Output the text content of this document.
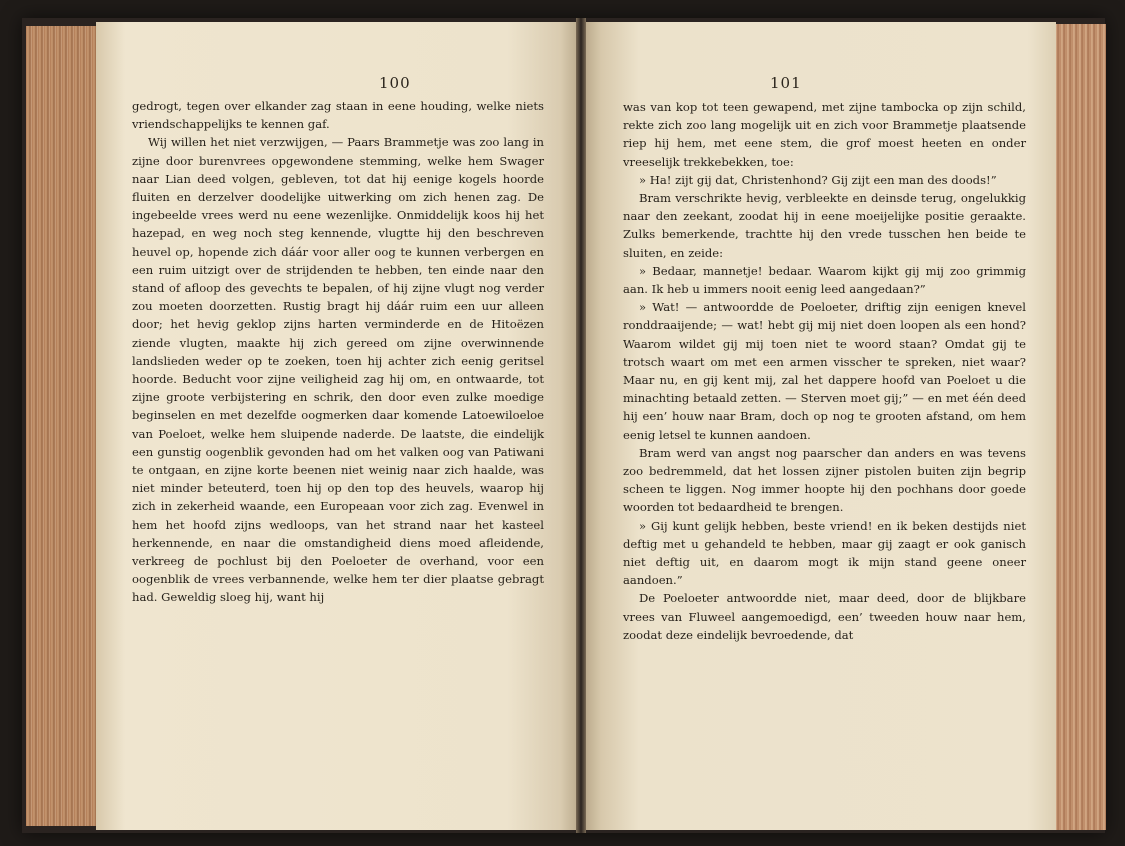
100	101

gedrogt, tegen over elkander zag staan in eene houding, welke niets vriendschappelijks te kennen gaf.

Wij willen het niet verzwijgen, — Paars Brammetje was zoo lang in zijne door burenvrees opgewondene stemming, welke hem Swager naar Lian deed volgen, gebleven, tot dat hij eenige kogels hoorde fluiten en derzelver doodelijke uitwerking om zich henen zag. De ingebeelde vrees werd nu eene wezenlijke. Onmiddelijk koos hij het hazepad, en weg noch steg kennende, vlugtte hij den beschreven heuvel op, hopende zich dáár voor aller oog te kunnen verbergen en een ruim uitzigt over de strijdenden te hebben, ten einde naar den stand of afloop des gevechts te bepalen, of hij zijne vlugt nog verder zou moeten doorzetten. Rustig bragt hij dáár ruim een uur alleen door; het hevig geklop zijns harten verminderde en de Hitoëzen ziende vlugten, maakte hij zich gereed om zijne overwinnende landslieden weder op te zoeken, toen hij achter zich eenig geritsel hoorde. Beducht voor zijne veiligheid zag hij om, en ontwaarde, tot zijne groote verbijstering en schrik, den door even zulke moedige beginselen en met dezelfde oogmerken daar komende Latoewiloeloe van Poeloet, welke hem sluipende naderde. De laatste, die eindelijk een gunstig oogenblik gevonden had om het valken oog van Patiwani te ontgaan, en zijne korte beenen niet weinig naar zich haalde, was niet minder beteuterd, toen hij op den top des heuvels, waarop hij zich in zekerheid waande, een Europeaan voor zich zag. Evenwel in hem het hoofd zijns wedloops, van het strand naar het kasteel herkennende, en naar die omstandigheid diens moed afleidende, verkreeg de pochlust bij den Poeloeter de overhand, voor een oogenblik de vrees verbannende, welke hem ter dier plaatse gebragt had. Geweldig sloeg hij, want hij

was van kop tot teen gewapend, met zijne tambocka op zijn schild, rekte zich zoo lang mogelijk uit en zich voor Brammetje plaatsende riep hij hem, met eene stem, die grof moest heeten en onder vreeselijk trekkebekken, toe:

» Ha! zijt gij dat, Christenhond? Gij zijt een man des doods!”

Bram verschrikte hevig, verbleekte en deinsde terug, ongelukkig naar den zeekant, zoodat hij in eene moeijelijke positie geraakte. Zulks bemerkende, trachtte hij den vrede tusschen hen beide te sluiten, en zeide:

» Bedaar, mannetje! bedaar. Waarom kijkt gij mij zoo grimmig aan. Ik heb u immers nooit eenig leed aangedaan?”

» Wat! — antwoordde de Poeloeter, driftig zijn eenigen knevel ronddraaijende; — wat! hebt gij mij niet doen loopen als een hond? Waarom wildet gij mij toen niet te woord staan? Omdat gij te trotsch waart om met een armen visscher te spreken, niet waar? Maar nu, en gij kent mij, zal het dappere hoofd van Poeloet u die minachting betaald zetten. — Sterven moet gij;” — en met één deed hij een’ houw naar Bram, doch op nog te grooten afstand, om hem eenig letsel te kunnen aandoen.

Bram werd van angst nog paarscher dan anders en was tevens zoo bedremmeld, dat het lossen zijner pistolen buiten zijn begrip scheen te liggen. Nog immer hoopte hij den pochhans door goede woorden tot bedaardheid te brengen.

» Gij kunt gelijk hebben, beste vriend! en ik beken destijds niet deftig met u gehandeld te hebben, maar gij zaagt er ook ganisch niet deftig uit, en daarom mogt ik mijn stand geene oneer aandoen.”

De Poeloeter antwoordde niet, maar deed, door de blijkbare vrees van Fluweel aangemoedigd, een’ tweeden houw naar hem, zoodat deze eindelijk bevroedende, dat
